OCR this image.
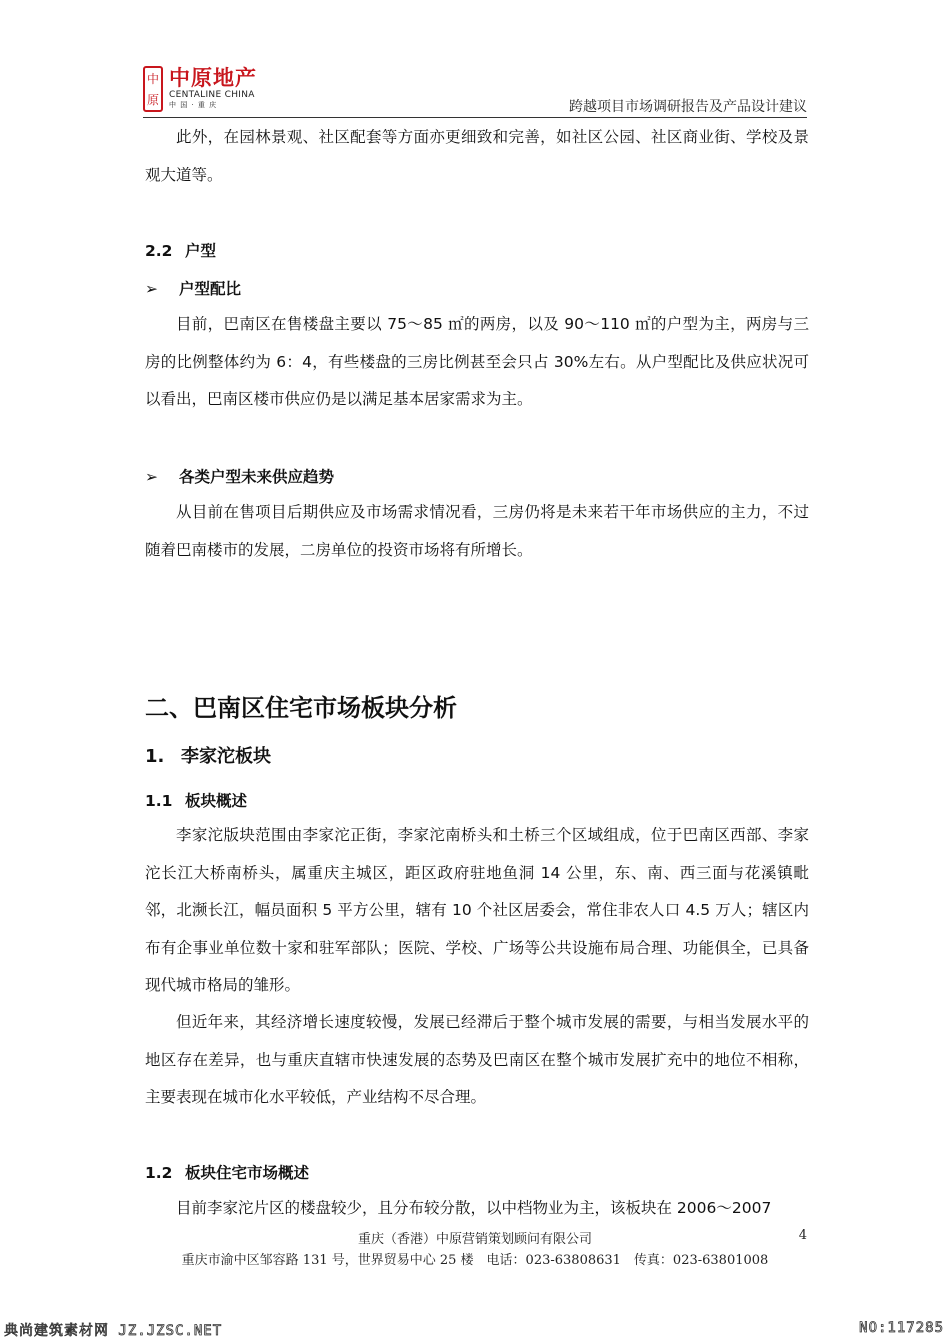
中
原
中原地产
CENTALINE CHINA
中 国 · 重 庆	跨越项目市场调研报告及产品设计建议

此外，在园林景观、社区配套等方面亦更细致和完善，如社区公园、社区商业街、学校及景观大道等。

2.2 户型
➢ 户型配比

目前，巴南区在售楼盘主要以 75～85 ㎡的两房，以及 90～110 ㎡的户型为主，两房与三房的比例整体约为 6：4，有些楼盘的三房比例甚至会只占 30%左右。从户型配比及供应状况可以看出，巴南区楼市供应仍是以满足基本居家需求为主。

➢ 各类户型未来供应趋势

从目前在售项目后期供应及市场需求情况看，三房仍将是未来若干年市场供应的主力，不过随着巴南楼市的发展，二房单位的投资市场将有所增长。

二、巴南区住宅市场板块分析
1. 李家沱板块
1.1 板块概述

李家沱版块范围由李家沱正街，李家沱南桥头和土桥三个区域组成，位于巴南区西部、李家沱长江大桥南桥头，属重庆主城区，距区政府驻地鱼洞 14 公里，东、南、西三面与花溪镇毗邻，北濒长江，幅员面积 5 平方公里，辖有 10 个社区居委会，常住非农人口 4.5 万人；辖区内布有企事业单位数十家和驻军部队；医院、学校、广场等公共设施布局合理、功能俱全，已具备现代城市格局的雏形。

但近年来，其经济增长速度较慢，发展已经滞后于整个城市发展的需要，与相当发展水平的地区存在差异，也与重庆直辖市快速发展的态势及巴南区在整个城市发展扩充中的地位不相称，主要表现在城市化水平较低，产业结构不尽合理。

1.2 板块住宅市场概述

目前李家沱片区的楼盘较少，且分布较分散，以中档物业为主，该板块在 2006～2007

重庆（香港）中原营销策划顾问有限公司	4
重庆市渝中区邹容路 131 号，世界贸易中心 25 楼　电话：023-63808631　传真：023-63801008
典尚建筑素材网 JZ.JZSC.NET	NO:117285
